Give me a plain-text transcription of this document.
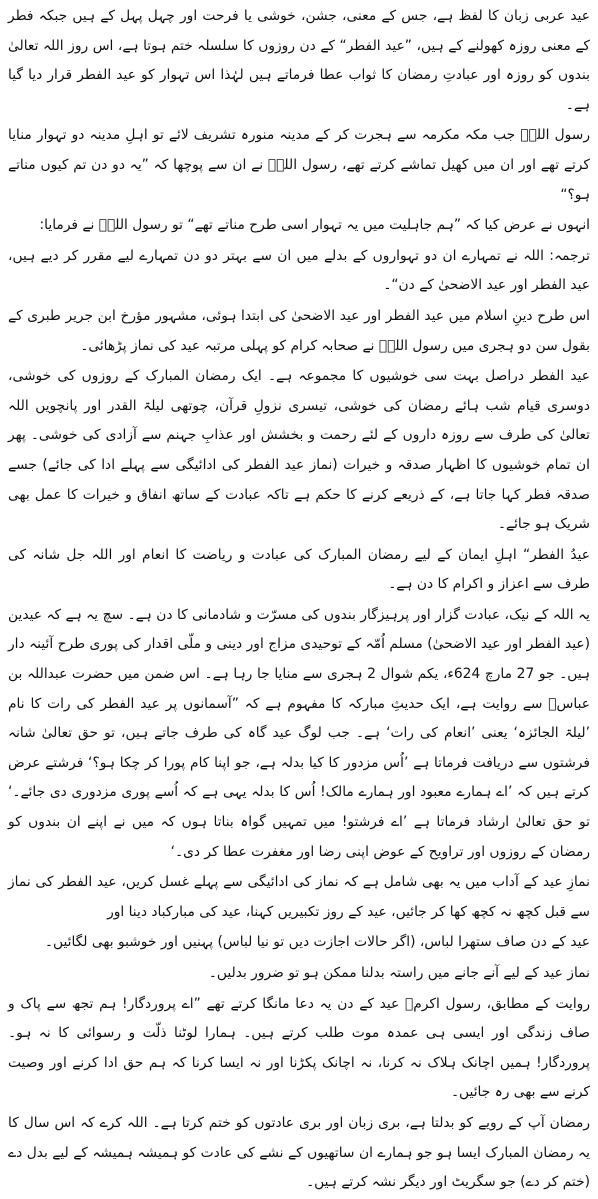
عید عربی زبان کا لفظ ہے، جس کے معنی، جشن، خوشی یا فرحت اور چہل پہل کے ہیں جبکہ فطر کے معنی روزہ کھولنے کے ہیں، ”عید الفطر“ کے دن روزوں کا سلسلہ ختم ہوتا ہے، اس روز اللہ تعالیٰ بندوں کو روزہ اور عبادتِ رمضان کا ثواب عطا فرماتے ہیں لہٰذا اس تہوار کو عید الفطر قرار دیا گیا ہے۔

رسول اللہؐ جب مکہ مکرمہ سے ہجرت کر کے مدینہ منورہ تشریف لائے تو اہلِ مدینہ دو تہوار منایا کرتے تھے اور ان میں کھیل تماشے کرتے تھے، رسول اللہؐ نے ان سے پوچھا کہ ”یہ دو دن تم کیوں مناتے ہو؟“

انہوں نے عرض کیا کہ ”ہم جاہلیت میں یہ تہوار اسی طرح مناتے تھے“ تو رسول اللہؐ نے فرمایا:

ترجمہ: اللہ نے تمہارے ان دو تہواروں کے بدلے میں ان سے بہتر دو دن تمہارے لیے مقرر کر دیے ہیں، عید الفطر اور عید الاضحیٰ کے دن“۔

اس طرح دینِ اسلام میں عید الفطر اور عید الاضحیٰ کی ابتدا ہوئی، مشہور مؤرخ ابن جریر طبری کے بقول سن دو ہجری میں رسول اللہؐ نے صحابہ کرام کو پہلی مرتبہ عید کی نماز پڑھائی۔

عید الفطر دراصل بہت سی خوشیوں کا مجموعہ ہے۔ ایک رمضان المبارک کے روزوں کی خوشی، دوسری قیام شب ہائے رمضان کی خوشی، تیسری نزولِ قرآن، چوتھی لیلۃ القدر اور پانچویں اللہ تعالیٰ کی طرف سے روزہ داروں کے لئے رحمت و بخشش اور عذابِ جہنم سے آزادی کی خوشی۔ پھر ان تمام خوشیوں کا اظہار صدقہ و خیرات (نماز عید الفطر کی ادائیگی سے پہلے ادا کی جائے) جسے صدقہ فطر کہا جاتا ہے، کے ذریعے کرنے کا حکم ہے تاکہ عبادت کے ساتھ انفاق و خیرات کا عمل بھی شریک ہو جائے۔

عیدُ الفطر“ اہلِ ایمان کے لیے رمضان المبارک کی عبادت و ریاضت کا انعام اور اللہ جل شانہ کی طرف سے اعزاز و اکرام کا دن ہے۔

یہ اللہ کے نیک، عبادت گزار اور پرہیزگار بندوں کی مسرّت و شادمانی کا دن ہے۔ سچ یہ ہے کہ عیدین (عید الفطر اور عید الاضحیٰ) مسلم اُمّہ کے توحیدی مزاج اور دینی و ملّی اقدار کی پوری طرح آئینہ دار ہیں۔ جو 27 مارچ 624ء، یکم شوال 2 ہجری سے منایا جا رہا ہے۔ اس ضمن میں حضرت عبداللہ بن عباسؓ سے روایت ہے، ایک حدیثِ مبارکہ کا مفہوم ہے کہ ”آسمانوں پر عید الفطر کی رات کا نام ’لیلۃ الجائزہ‘ یعنی ’انعام کی رات‘ ہے۔ جب لوگ عید گاہ کی طرف جاتے ہیں، تو حق تعالیٰ شانہ فرشتوں سے دریافت فرماتا ہے ’اُس مزدور کا کیا بدلہ ہے، جو اپنا کام پورا کر چکا ہو؟‘ فرشتے عرض کرتے ہیں کہ ’اے ہمارے معبود اور ہمارے مالک! اُس کا بدلہ یہی ہے کہ اُسے پوری مزدوری دی جائے۔‘ تو حق تعالیٰ ارشاد فرماتا ہے ’اے فرشتو! میں تمہیں گواہ بناتا ہوں کہ میں نے اپنے ان بندوں کو رمضان کے روزوں اور تراویح کے عوض اپنی رضا اور مغفرت عطا کر دی۔‘

نمازِ عید کے آداب میں یہ بھی شامل ہے کہ نماز کی ادائیگی سے پہلے غسل کریں، عید الفطر کی نماز سے قبل کچھ نہ کچھ کھا کر جائیں، عید کے روز تکبیریں کہنا، عید کی مبارکباد دینا اور

عید کے دن صاف ستھرا لباس، (اگر حالات اجازت دیں تو نیا لباس) پہنیں اور خوشبو بھی لگائیں۔

نماز عید کے لیے آنے جانے میں راستہ بدلنا ممکن ہو تو ضرور بدلیں۔

روایت کے مطابق، رسول اکرمؐ عید کے دن یہ دعا مانگا کرتے تھے ”اے پروردگار! ہم تجھ سے پاک و صاف زندگی اور ایسی ہی عمدہ موت طلب کرتے ہیں۔ ہمارا لوٹنا ذلّت و رسوائی کا نہ ہو۔ پروردگار! ہمیں اچانک ہلاک نہ کرنا، نہ اچانک پکڑنا اور نہ ایسا کرنا کہ ہم حق ادا کرنے اور وصیت کرنے سے بھی رہ جائیں۔

رمضان آپ کے رویے کو بدلتا ہے، بری زبان اور بری عادتوں کو ختم کرتا ہے۔ اللہ کرے کہ اس سال کا یہ رمضان المبارک ایسا ہو جو ہمارے ان ساتھیوں کے نشے کی عادت کو ہمیشہ ہمیشہ کے لیے بدل دے (ختم کر دے) جو سگریٹ اور دیگر نشہ کرتے ہیں۔
